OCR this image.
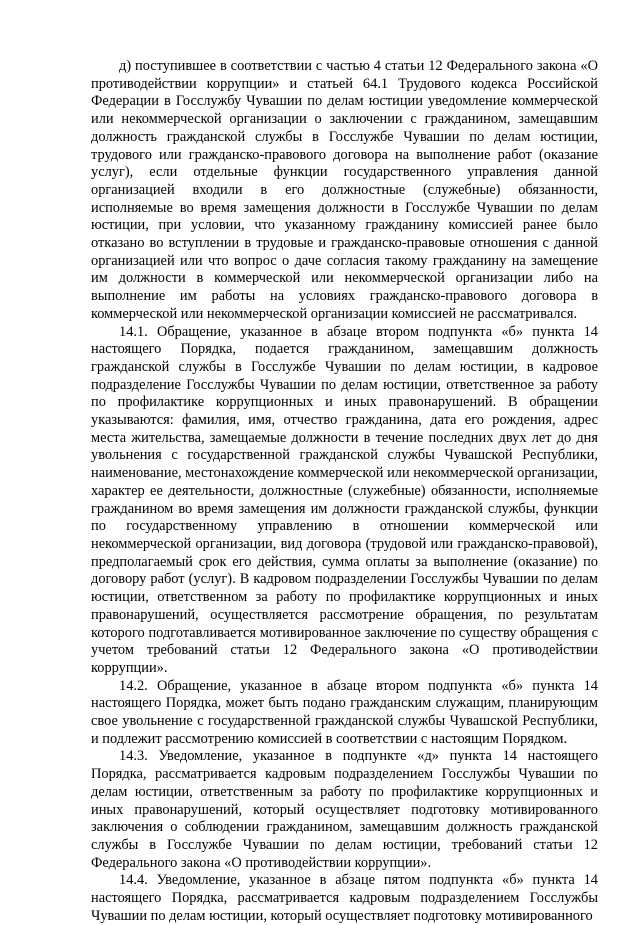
д) поступившее в соответствии с частью 4 статьи 12 Федерального закона «О противодействии коррупции» и статьей 64.1 Трудового кодекса Российской Федерации в Госслужбу Чувашии по делам юстиции уведомление коммерческой или некоммерческой организации о заключении с гражданином, замещавшим должность гражданской службы в Госслужбе Чувашии по делам юстиции, трудового или гражданско-правового договора на выполнение работ (оказание услуг), если отдельные функции государственного управления данной организацией входили в его должностные (служебные) обязанности, исполняемые во время замещения должности в Госслужбе Чувашии по делам юстиции, при условии, что указанному гражданину комиссией ранее было отказано во вступлении в трудовые и гражданско-правовые отношения с данной организацией или что вопрос о даче согласия такому гражданину на замещение им должности в коммерческой или некоммерческой организации либо на выполнение им работы на условиях гражданско-правового договора в коммерческой или некоммерческой организации комиссией не рассматривался.

14.1. Обращение, указанное в абзаце втором подпункта «б» пункта 14 настоящего Порядка, подается гражданином, замещавшим должность гражданской службы в Госслужбе Чувашии по делам юстиции, в кадровое подразделение Госслужбы Чувашии по делам юстиции, ответственное за работу по профилактике коррупционных и иных правонарушений. В обращении указываются: фамилия, имя, отчество гражданина, дата его рождения, адрес места жительства, замещаемые должности в течение последних двух лет до дня увольнения с государственной гражданской службы Чувашской Республики, наименование, местонахождение коммерческой или некоммерческой организации, характер ее деятельности, должностные (служебные) обязанности, исполняемые гражданином во время замещения им должности гражданской службы, функции по государственному управлению в отношении коммерческой или некоммерческой организации, вид договора (трудовой или гражданско-правовой), предполагаемый срок его действия, сумма оплаты за выполнение (оказание) по договору работ (услуг). В кадровом подразделении Госслужбы Чувашии по делам юстиции, ответственном за работу по профилактике коррупционных и иных правонарушений, осуществляется рассмотрение обращения, по результатам которого подготавливается мотивированное заключение по существу обращения с учетом требований статьи 12 Федерального закона «О противодействии коррупции».

14.2. Обращение, указанное в абзаце втором подпункта «б» пункта 14 настоящего Порядка, может быть подано гражданским служащим, планирующим свое увольнение с государственной гражданской службы Чувашской Республики, и подлежит рассмотрению комиссией в соответствии с настоящим Порядком.

14.3. Уведомление, указанное в подпункте «д» пункта 14 настоящего Порядка, рассматривается кадровым подразделением Госслужбы Чувашии по делам юстиции, ответственным за работу по профилактике коррупционных и иных правонарушений, который осуществляет подготовку мотивированного заключения о соблюдении гражданином, замещавшим должность гражданской службы в Госслужбе Чувашии по делам юстиции, требований статьи 12 Федерального закона «О противодействии коррупции».

14.4. Уведомление, указанное в абзаце пятом подпункта «б» пункта 14 настоящего Порядка, рассматривается кадровым подразделением Госслужбы Чувашии по делам юстиции, который осуществляет подготовку мотивированного
